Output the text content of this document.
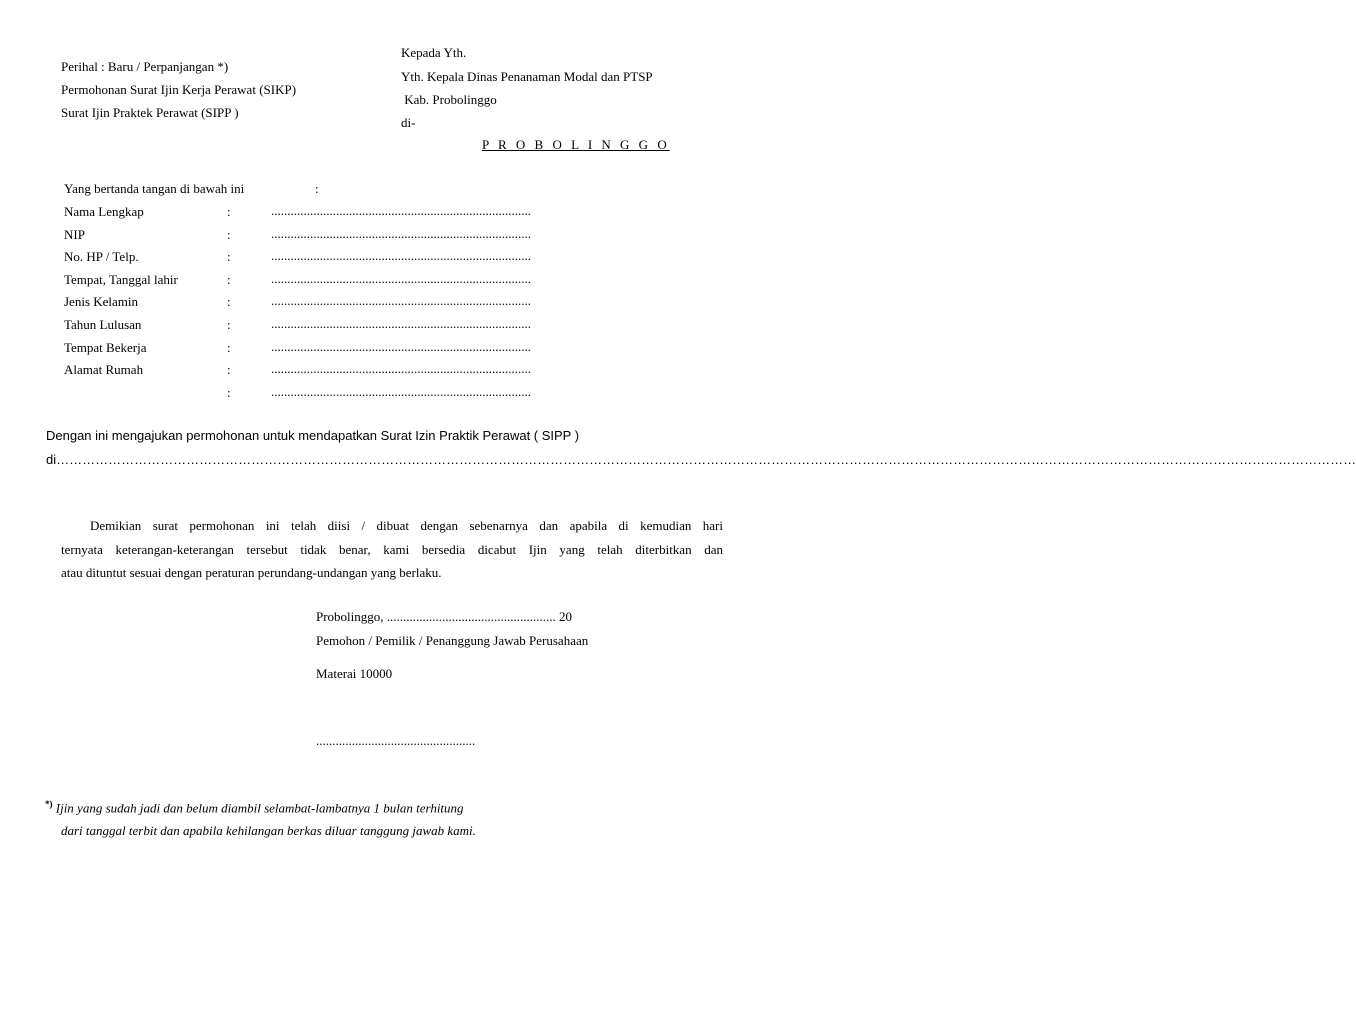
Perihal : Baru / Perpanjangan *)
Permohonan Surat Ijin Kerja Perawat (SIKP)
Surat Ijin Praktek Perawat (SIPP )
Kepada Yth.
Yth. Kepala Dinas Penanaman Modal dan PTSP
Kab. Probolinggo
di-
P R O B O L I N G G O
Yang bertanda tangan di bawah ini	:
Nama Lengkap	:	................................................................................
NIP	:	................................................................................
No. HP / Telp.	:	................................................................................
Tempat, Tanggal lahir	:	................................................................................
Jenis Kelamin	:	................................................................................
Tahun Lulusan	:	................................................................................
Tempat Bekerja	:	................................................................................
Alamat Rumah	:	................................................................................
:	................................................................................
Dengan ini mengajukan permohonan untuk mendapatkan Surat Izin Praktik Perawat ( SIPP )
di…………………………………………………………………………………………………………………………………………………………………………………………………………………………………………………………………………
Demikian surat permohonan ini telah diisi / dibuat dengan sebenarnya dan apabila di kemudian hari
ternyata keterangan-keterangan tersebut tidak benar, kami bersedia dicabut Ijin yang telah diterbitkan dan
atau dituntut sesuai dengan peraturan perundang-undangan yang berlaku.
Probolinggo, .................................................... 20
Pemohon / Pemilik / Penanggung Jawab Perusahaan
Materai 10000
.................................................
*) Ijin yang sudah jadi dan belum diambil selambat-lambatnya 1 bulan terhitung
dari tanggal terbit dan apabila kehilangan berkas diluar tanggung jawab kami.
